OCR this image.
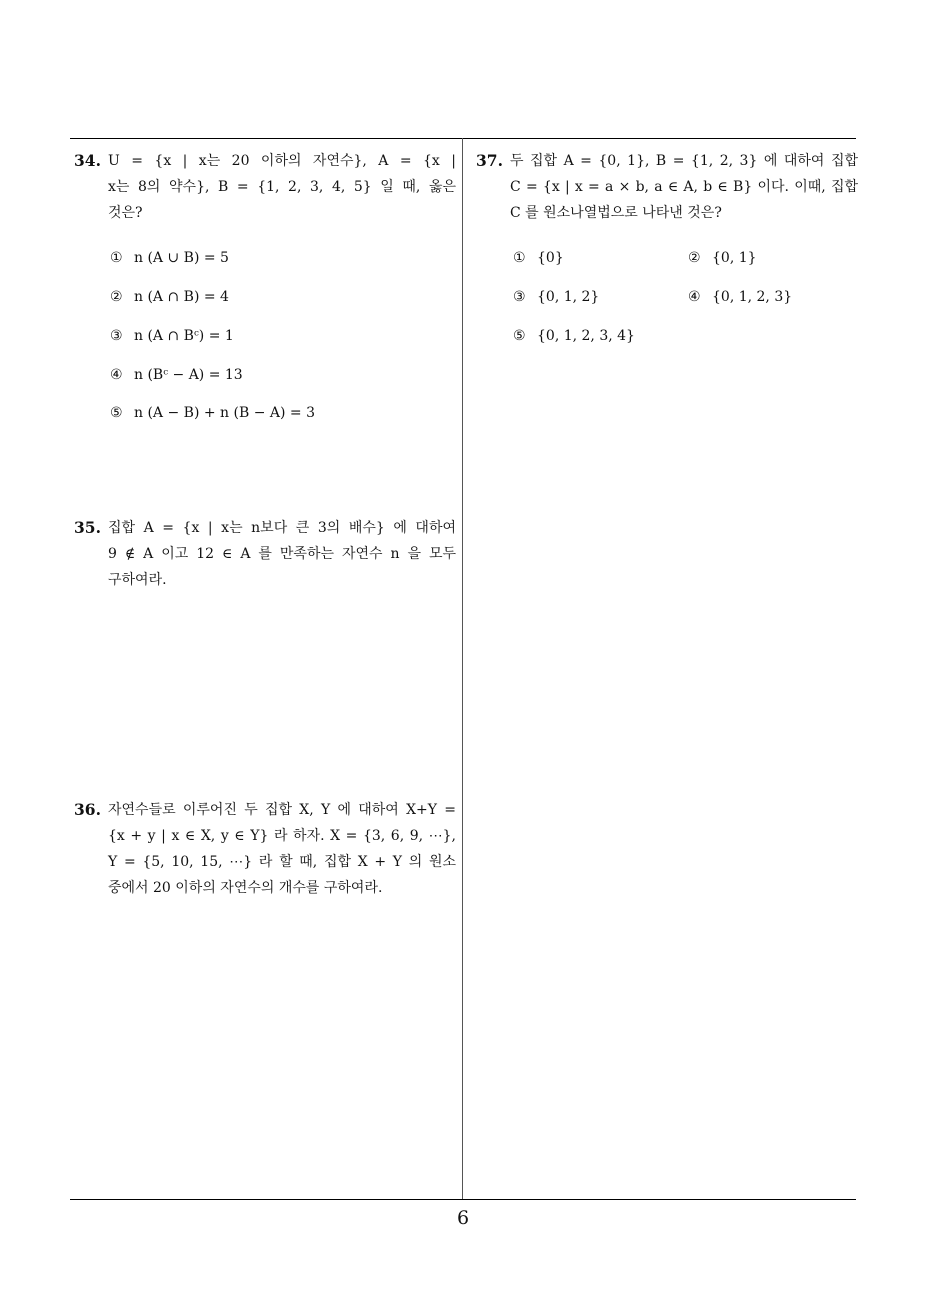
34. U = {x | x는 20 이하의 자연수}, A = {x |
x는 8의 약수}, B = {1, 2, 3, 4, 5} 일 때, 옳은
것은?
① n (A ∪ B) = 5
② n (A ∩ B) = 4
③ n (A ∩ Bᶜ) = 1
④ n (Bᶜ − A) = 13
⑤ n (A − B) + n (B − A) = 3
35. 집합 A = {x | x는 n보다 큰 3의 배수} 에 대하여
9 ∉ A 이고 12 ∈ A 를 만족하는 자연수 n 을 모두
구하여라.
36. 자연수들로 이루어진 두 집합 X, Y 에 대하여 X+Y =
{x + y | x ∈ X, y ∈ Y} 라 하자. X = {3, 6, 9, ⋯},
Y = {5, 10, 15, ⋯} 라 할 때, 집합 X + Y 의 원소
중에서 20 이하의 자연수의 개수를 구하여라.
37. 두 집합 A = {0, 1}, B = {1, 2, 3} 에 대하여 집합
C = {x | x = a × b, a ∈ A, b ∈ B} 이다. 이때, 집합
C 를 원소나열법으로 나타낸 것은?
① {0}	② {0, 1}
③ {0, 1, 2}	④ {0, 1, 2, 3}
⑤ {0, 1, 2, 3, 4}
6
